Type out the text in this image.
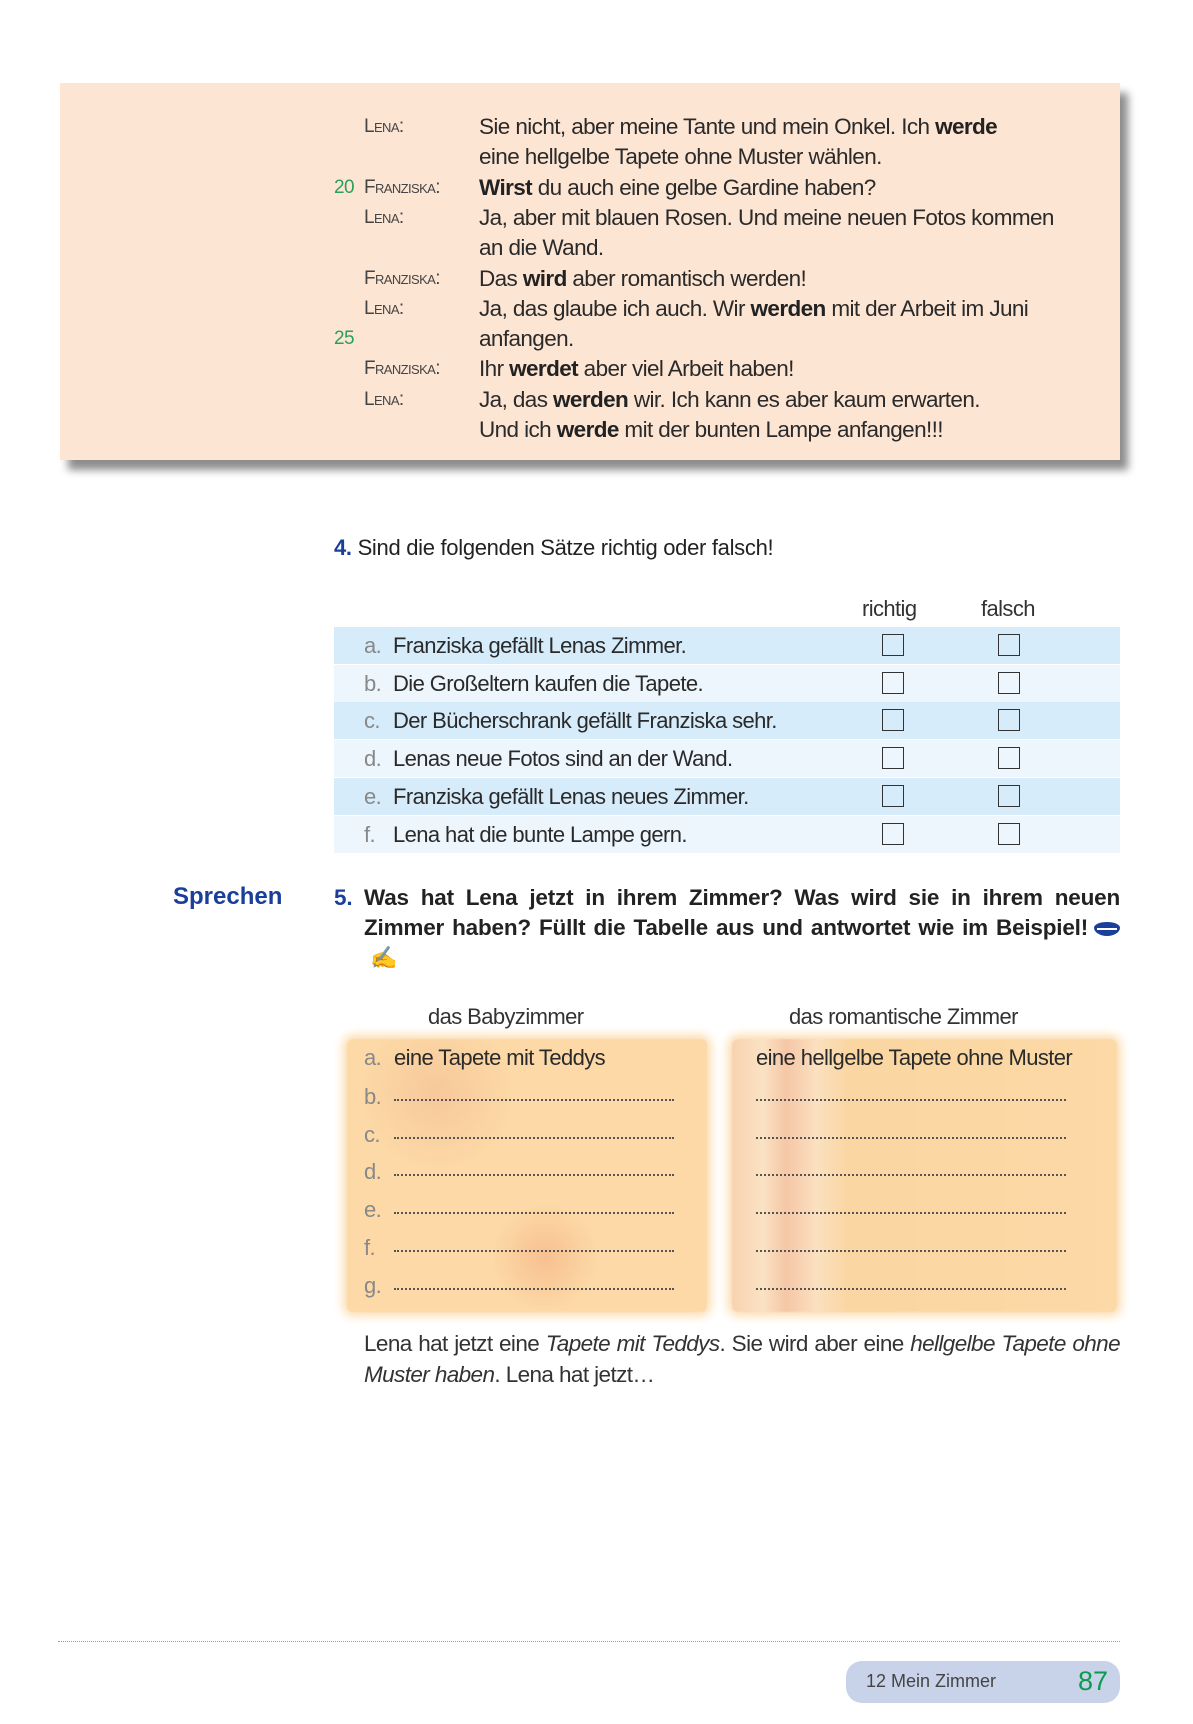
Lena:	Sie nicht, aber meine Tante und mein Onkel. Ich werde
eine hellgelbe Tapete ohne Muster wählen.
20 Franziska: Wirst du auch eine gelbe Gardine haben?
Lena:	Ja, aber mit blauen Rosen. Und meine neuen Fotos kommen
an die Wand.
Franziska: Das wird aber romantisch werden!
Lena:	Ja, das glaube ich auch. Wir werden mit der Arbeit im Juni
25	anfangen.
Franziska: Ihr werdet aber viel Arbeit haben!
Lena:	Ja, das werden wir. Ich kann es aber kaum erwarten.
Und ich werde mit der bunten Lampe anfangen!!!
4. Sind die folgenden Sätze richtig oder falsch!
richtig	falsch
a. Franziska gefällt Lenas Zimmer.
b. Die Großeltern kaufen die Tapete.
c. Der Bücherschrank gefällt Franziska sehr.
d. Lenas neue Fotos sind an der Wand.
e. Franziska gefällt Lenas neues Zimmer.
f. Lena hat die bunte Lampe gern.
Sprechen 5. Was hat Lena jetzt in ihrem Zimmer? Was wird sie in ihrem neuen Zimmer haben? Füllt die Tabelle aus und antwortet wie im Beispiel!✍
das Babyzimmer	das romantische Zimmer
a. eine Tapete mit Teddys	eine hellgelbe Tapete ohne Muster
b.
c.
d.
e.
f.
g.
Lena hat jetzt eine Tapete mit Teddys. Sie wird aber eine hellgelbe Tapete ohne Muster haben. Lena hat jetzt…
12 Mein Zimmer	87
